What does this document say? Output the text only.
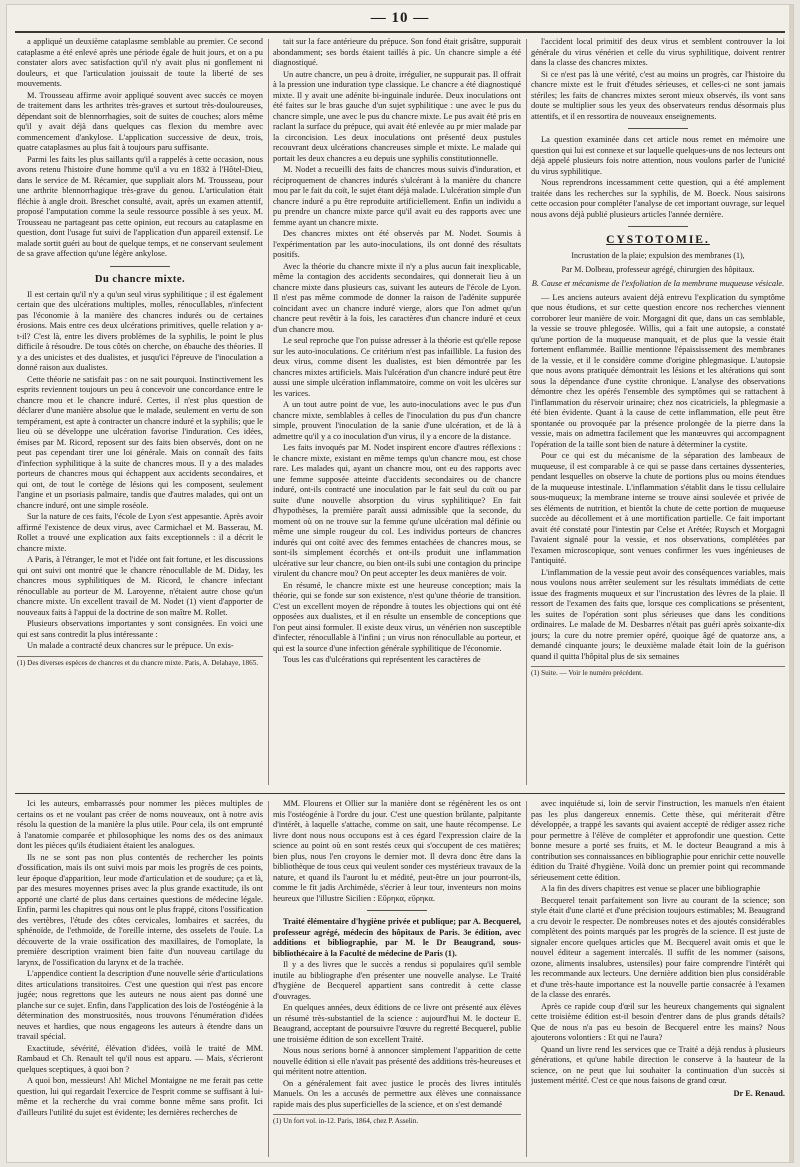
— 10 —

a appliqué un deuxième cataplasme semblable au premier. Ce second cataplasme a été enlevé après une période égale de huit jours, et on a pu constater alors avec satisfaction qu'il n'y avait plus ni gonflement ni douleurs, et que l'articulation jouissait de toute la liberté de ses mouvements.

M. Trousseau affirme avoir appliqué souvent avec succès ce moyen de traitement dans les arthrites très-graves et surtout très-douloureuses, dépendant soit de blennorrhagies, soit de suites de couches; alors même qu'il y avait déjà dans quelques cas flexion du membre avec commencement d'ankylose. L'application successive de deux, trois, quatre cataplasmes au plus fait à toujours paru suffisante.

Parmi les faits les plus saillants qu'il a rappelés à cette occasion, nous avons retenu l'histoire d'une homme qu'il a vu en 1832 à l'Hôtel-Dieu, dans le service de M. Récamier, que suppliait alors M. Trousseau, pour une arthrite blennorrhagique très-grave du genou. L'articulation était fléchie à angle droit. Breschet consulté, avait, après un examen attentif, proposé l'amputation comme la seule ressource possible à ses yeux. M. Trousseau ne partageant pas cette opinion, eut recours au cataplasme en question, dont l'usage fut suivi de l'application d'un appareil extensif. Le malade sortit guéri au bout de quelque temps, et ne conservant seulement de sa grave affection qu'une légère ankylose.

Du chancre mixte.

Il est certain qu'il n'y a qu'un seul virus syphilitique ; il est également certain que des ulcérations multiples, molles, rénocullables, n'infectent pas l'économie à la manière des chancres indurés ou de certaines érosions. Mais entre ces deux ulcérations primitives, quelle relation y a-t-il? C'est là, entre les divers problèmes de la syphilis, le point le plus difficile à résoudre. De tous côtés on cherche, on ébauche des théories. Il y a des unicistes et des dualistes, et jusqu'ici l'épreuve de l'inoculation a donné raison aux dualistes.

Cette théorie ne satisfait pas : on ne sait pourquoi. Instinctivement les esprits reviennent toujours un peu à concevoir une concordance entre le chancre mou et le chancre induré. Certes, il n'est plus question de déclarer d'une manière absolue que le malade, seulement en vertu de son tempérament, est apte à contracter un chancre induré et la syphilis; que le lieu où se développe une ulcération favorise l'induration. Ces idées, émises par M. Ricord, reposent sur des faits bien observés, dont on ne peut pas cependant tirer une loi générale. Mais on connaît des faits d'infection syphilitique à la suite de chancres mous. Il y a des malades porteurs de chancres mous qui échappent aux accidents secondaires, et qui ont, de tout le cortège de lésions qui les composent, seulement l'angine et un psoriasis palmaire, tandis que d'autres malades, qui ont un chancre induré, ont une simple roséole.

Sur la nature de ces faits, l'école de Lyon s'est appesantie. Après avoir affirmé l'existence de deux virus, avec Carmichael et M. Basserau, M. Rollet a trouvé une explication aux faits exceptionnels : il a décrit le chancre mixte.

A Paris, à l'étranger, le mot et l'idée ont fait fortune, et les discussions qui ont suivi ont montré que le chancre rénocullable de M. Diday, les chancres mous syphilitiques de M. Ricord, le chancre infectant rénocullable au porteur de M. Laroyenne, n'étaient autre chose qu'un chancre mixte. Un excellent travail de M. Nodet (1) vient d'apporter de nouveaux faits à l'appui de la doctrine de son maître M. Rollet.

Plusieurs observations importantes y sont consignées. En voici une qui est sans contredit la plus intéressante :

Un malade a contracté deux chancres sur le prépuce. Un exis-

(1) Des diverses espèces de chancres et du chancre mixte. Paris, A. Delahaye, 1865.

tait sur la face antérieure du prépuce. Son fond était grisâtre, suppurait abondamment; ses bords étaient taillés à pic. Un chancre simple a été diagnostiqué.

Un autre chancre, un peu à droite, irrégulier, ne suppurait pas. Il offrait à la pression une induration type classique. Le chancre a été diagnostiqué mixte. Il y avait une adénite bi-inguinale indurée. Deux inoculations ont été faites sur le bras gauche d'un sujet syphilitique : une avec le pus du chancre simple, une avec le pus du chancre mixte. Le pus avait été pris en raclant la surface du prépuce, qui avait été enlevée au pr mier malade par la circoncision. Les deux inoculations ont présenté deux pustules recouvrant deux ulcérations chancreuses simple et mixte. Le malade qui portait les deux chancres a eu depuis une syphilis constitutionnelle.

M. Nodet a recueilli des faits de chancres mous suivis d'induration, et réciproquement de chancres indurés s'ulcérant à la manière du chancre mou par le fait du coït, le sujet étant déjà malade. L'ulcération simple d'un chancre induré a pu être reproduite artificiellement. Enfin un individu a pu prendre un chancre mixte parce qu'il avait eu des rapports avec une femme ayant un chancre mixte.

Des chancres mixtes ont été observés par M. Nodet. Soumis à l'expérimentation par les auto-inoculations, ils ont donné des résultats positifs.

Avec la théorie du chancre mixte il n'y a plus aucun fait inexplicable, même la contagion des accidents secondaires, qui donnerait lieu à un chancre mixte dans plusieurs cas, suivant les auteurs de l'école de Lyon. Il n'est pas même commode de donner la raison de l'adénite suppurée coïncidant avec un chancre induré vierge, alors que l'on admet qu'un chancre peut revêtir à la fois, les caractères d'un chancre induré et ceux d'un chancre mou.

Le seul reproche que l'on puisse adresser à la théorie est qu'elle repose sur les auto-inoculations. Ce critérium n'est pas infaillible. La fusion des deux virus, comme disent les dualistes, est bien démontrée par les chancres mixtes artificiels. Mais l'ulcération d'un chancre induré peut être aussi une simple ulcération inflammatoire, comme on voit les ulcères sur les varices.

A un tout autre point de vue, les auto-inoculations avec le pus d'un chancre mixte, semblables à celles de l'inoculation du pus d'un chancre simple, prouvent l'inoculation de la sanie d'une ulcération, et de là à admettre qu'il y a co inoculation d'un virus, il y a encore de la distance.

Les faits invoqués par M. Nodet inspirent encore d'autres réflexions : le chancre mixte, existant en même temps qu'un chancre mou, est chose rare. Les malades qui, ayant un chancre mou, ont eu des rapports avec une femme supposée atteinte d'accidents secondaires ou de chancre induré, ont-ils contracté une inoculation par le fait seul du coït ou par suite d'une nouvelle absorption du virus syphilitique? En fait d'hypothèses, la première paraît aussi admissible que la seconde, du moment où on ne trouve sur la femme qu'une ulcération mal définie ou même une simple rougeur du col. Les individus porteurs de chancres indurés qui ont coïté avec des femmes entachées de chancres mous, se sont-ils simplement écorchés et ont-ils produit une inflammation ulcérative sur leur chancre, ou bien ont-ils subi une contagion du principe virulent du chancre mou? On peut accepter les deux manières de voir.

En résumé, le chancre mixte est une heureuse conception; mais la théorie, qui se fonde sur son existence, n'est qu'une théorie de transition. C'est un excellent moyen de répondre à toutes les objections qui ont été opposées aux dualistes, et il en résulte un ensemble de conceptions que l'on peut ainsi formuler. Il existe deux virus, un vénérien non susceptible d'infecter, rénocullable à l'infini ; un virus non rénocullable au porteur, et qui est la source d'une infection générale syphilitique de l'économie.

Tous les cas d'ulcérations qui représentent les caractères de

l'accident local primitif des deux virus et semblent controuver la loi générale du virus vénérien et celle du virus syphilitique, doivent rentrer dans la classe des chancres mixtes.

Si ce n'est pas là une vérité, c'est au moins un progrès, car l'histoire du chancre mixte est le fruit d'études sérieuses, et celles-ci ne sont jamais stériles; les faits de chancres mixtes seront mieux observés, ils vont sans doute se multiplier sous les yeux des observateurs rendus désormais plus attentifs, et il en ressortira de nouveaux enseignements.

La question examinée dans cet article nous remet en mémoire une question qui lui est connexe et sur laquelle quelques-uns de nos lecteurs ont déjà appelé plusieurs fois notre attention, nous voulons parler de l'unicité du virus syphilitique.

Nous reprendrons incessamment cette question, qui a été amplement traitée dans les recherches sur la syphilis, de M. Boeck. Nous saisirons cette occasion pour compléter l'analyse de cet important ouvrage, sur lequel nous avons déjà publié plusieurs articles l'année dernière.

CYSTOTOMIE.
Incrustation de la plaie; expulsion des membranes (1),
Par M. Dolbeau, professeur agrégé, chirurgien des hôpitaux.
B. Cause et mécanisme de l'exfoliation de la membrane muqueuse vésicale.

— Les anciens auteurs avaient déjà entrevu l'explication du symptôme que nous étudions, et sur cette question encore nos recherches viennent corroborer leur manière de voir. Morgagni dit que, dans un cas semblable, la vessie se trouve phlegosée. Willis, qui a fait une autopsie, a constaté qu'une portion de la muqueuse manquait, et de plus que la vessie était fortement enflammée. Baillie mentionne l'épaississement des membranes de la vessie, et il le considère comme d'origine phlegmasique. L'autopsie que nous avons pratiquée démontrait les lésions et les altérations qui sont sous la dépendance d'une cystite chronique. L'analyse des observations démontre chez les opérés l'ensemble des symptômes qui se rattachent à l'inflammation du réservoir urinaire; chez nos cicatriciels, la phlegmasie a été bien évidente. Quant à la cause de cette inflammation, elle peut être spontanée ou provoquée par la présence prolongée de la pierre dans la vessie, mais on admettra facilement que les manœuvres qui accompagnent l'opération de la taille sont bien de nature à déterminer la cystite.

Pour ce qui est du mécanisme de la séparation des lambeaux de muqueuse, il est comparable à ce qui se passe dans certaines dyssenteries, pendant lesquelles on observe la chute de portions plus ou moins étendues de la muqueuse intestinale. L'inflammation s'établit dans le tissu cellulaire sous-muqueux; la membrane interne se trouve ainsi soulevée et privée de ses éléments de nutrition, et bientôt la chute de cette portion de muqueuse succède au décollement et à une mortification partielle. Ce fait important avait été constaté pour l'intestin par Celse et Arétée; Ruysch et Morgagni l'avaient signalé pour la vessie, et nos observations, complétées par l'examen microscopique, sont venues confirmer les vues ingénieuses de l'antiquité.

L'inflammation de la vessie peut avoir des conséquences variables, mais nous voulons nous arrêter seulement sur les résultats immédiats de cette issue des fragments muqueux et sur l'incrustation des lèvres de la plaie. Il ressort de l'examen des faits que, lorsque ces complications se présentent, les suites de l'opération sont plus sérieuses que dans les conditions ordinaires. Le malade de M. Desbarres n'était pas guéri après soixante-dix jours; la cure du notre premier opéré, quoique âgé de quatorze ans, a demandé cinquante jours; le deuxième malade était loin de la guérison quand il quitta l'hôpital plus de six semaines

(1) Suite. — Voir le numéro précédent.

Ici les auteurs, embarrassés pour nommer les pièces multiples de certains os et ne voulant pas créer de noms nouveaux, ont à notre avis résolu la question de la manière la plus utile. Pour cela, ils ont emprunté à l'anatomie comparée et philosophique les noms des os des animaux dont les pièces qu'ils étudiaient étaient les analogues.

Ils ne se sont pas non plus contentés de rechercher les points d'ossification, mais ils ont suivi mois par mois les progrès de ces points, leur époque d'apparition, leur mode d'articulation et de soudure; ça et là, par des mesures moyennes prises avec la plus grande exactitude, ils ont apporté une clarté de plus dans certaines questions de médecine légale. Enfin, parmi les chapitres qui nous ont le plus frappé, citons l'ossification des vertèbres, l'étude des côtes cervicales, lombaires et sacrées, du sphénoïde, de l'ethmoïde, de l'oreille interne, des osselets de l'ouïe. La découverte de la vraie ossification des maxillaires, de l'omoplate, la première description vraiment bien faite d'un nouveau cartilage du larynx, de l'ossification du larynx et de la trachée.

L'appendice contient la description d'une nouvelle série d'articulations dites articulations transitoires. C'est une question qui n'est pas encore jugée; nous regrettons que les auteurs ne nous aient pas donné une planche sur ce sujet. Enfin, dans l'application des lois de l'ostéogénie à la détermination des monstruosités, nous trouvons l'énumération d'idées neuves et hardies, que nous engageons les auteurs à étendre dans un travail spécial.

Exactitude, sévérité, élévation d'idées, voilà le traité de MM. Rambaud et Ch. Renault tel qu'il nous est apparu. — Mais, s'écrieront quelques sceptiques, à quoi bon ?

A quoi bon, messieurs! Ah! Michel Montaigne ne me ferait pas cette question, lui qui regardait l'exercice de l'esprit comme se suffisant à lui-même et la recherche du vrai comme bonne même sans profit. Ici d'ailleurs l'utilité du sujet est évidente; les dernières recherches de

MM. Flourens et Ollier sur la manière dont se régénèrent les os ont mis l'ostéogénie à l'ordre du jour. C'est une question brûlante, palpitante d'intérêt, à laquelle s'attache, comme on sait, une haute récompense. Le livre dont nous nous occupons est à ces égard l'expression claire de la science au point où en sont restés ceux qui s'occupent de ces matières; bien plus, nous l'en croyons le dernier mot. Il devra donc être dans la bibliothèque de tous ceux qui veulent sonder ces mystérieux travaux de la nature, et quand ils l'auront lu et médité, peut-être un jour pourront-ils, comme le fit jadis Archimède, s'écrier à leur tour, inventeurs non moins heureux que l'illustre Sicilien : Εὕρηκα, εὕρηκα.

Traité élémentaire d'hygiène privée et publique; par A. Becquerel, professeur agrégé, médecin des hôpitaux de Paris. 3e édition, avec additions et bibliographie, par M. le Dr Beaugrand, sous-bibliothécaire à la Faculté de médecine de Paris (1).

Il y a des livres que le succès a rendus si populaires qu'il semble inutile au bibliographe d'en présenter une nouvelle analyse. Le Traité d'hygiène de Becquerel appartient sans contredit à cette classe d'ouvrages.

En quelques années, deux éditions de ce livre ont présenté aux élèves un résumé très-substantiel de la science : aujourd'hui M. le docteur E. Beaugrand, acceptant de poursuivre l'œuvre du regretté Becquerel, publie une troisième édition de son excellent Traité.

Nous nous serions borné à annoncer simplement l'apparition de cette nouvelle édition si elle n'avait pas présenté des additions très-heureuses et qui méritent notre attention.

On a généralement fait avec justice le procès des livres intitulés Manuels. On les a accusés de permettre aux élèves une connaissance rapide mais des plus superficielles de la science, et on s'est demandé

(1) Un fort vol. in-12. Paris, 1864, chez P. Asselin.

avec inquiétude si, loin de servir l'instruction, les manuels n'en étaient pas les plus dangereux ennemis. Cette thèse, qui mériterait d'être développée, a trappé les savants qui avaient accepté de rédiger assez riche pour permettre à l'élève de compléter et approfondir une question. Cette bonne mesure a porté ses fruits, et M. le docteur Beaugrand a mis à contribution ses connaissances en bibliographie pour enrichir cette nouvelle édition du Traité d'hygiène. Voilà donc un premier point qui recommande sérieusement cette édition.

A la fin des divers chapitres est venue se placer une bibliographie

Becquerel tenait parfaitement son livre au courant de la science; son style était d'une clarté et d'une précision toujours estimables; M. Beaugrand a cru devoir le respecter. De nombreuses notes et des ajoutés considérables complètent des points marqués par les progrès de la science. Il est juste de signaler encore quelques articles que M. Becquerel avait omis et que le nouvel éditeur a sagement intercalés. Il suffit de les nommer (saisons, ozone, aliments insalubres, ustensiles) pour faire comprendre l'intérêt qui les recommande aux lecteurs. Une dernière addition bien plus considérable et d'une très-haute importance est la nouvelle partie consacrée à l'examen de la classe des enrarés.

Après ce rapide coup d'œil sur les heureux changements qui signalent cette troisième édition est-il besoin d'entrer dans de plus grands détails? Que de nous n'a pas eu besoin de Becquerel entre les mains? Nous ajouterons volontiers : Et qui ne l'aura?

Quand un livre rend les services que ce Traité a déjà rendus à plusieurs générations, et qu'une habile direction le conserve à la hauteur de la science, on ne peut que lui souhaiter la continuation d'un succès si justement mérité. C'est ce que nous faisons de grand cœur.

Dr E. Renaud.
